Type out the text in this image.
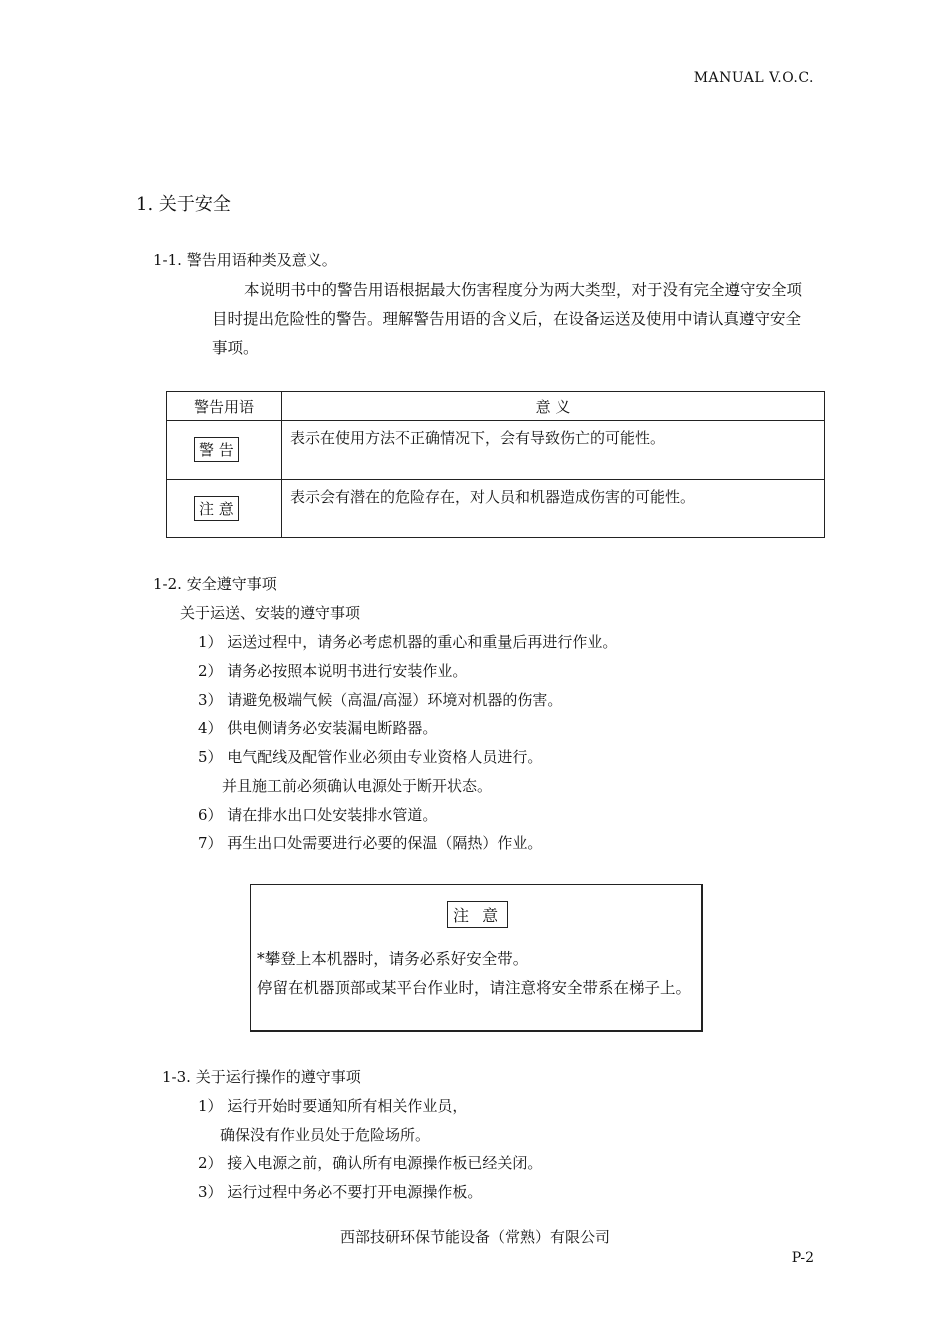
MANUAL V.O.C.
1. 关于安全
1-1. 警告用语种类及意义。
本说明书中的警告用语根据最大伤害程度分为两大类型，对于没有完全遵守安全项目时提出危险性的警告。理解警告用语的含义后，在设备运送及使用中请认真遵守安全事项。
警告用语	意 义
警 告	表示在使用方法不正确情况下，会有导致伤亡的可能性。

注 意	表示会有潜在的危险存在，对人员和机器造成伤害的可能性。
1-2. 安全遵守事项
关于运送、安装的遵守事项
1） 运送过程中，请务必考虑机器的重心和重量后再进行作业。
2） 请务必按照本说明书进行安装作业。
3） 请避免极端气候（高温/高湿）环境对机器的伤害。
4） 供电侧请务必安装漏电断路器。
5） 电气配线及配管作业必须由专业资格人员进行。
并且施工前必须确认电源处于断开状态。
6） 请在排水出口处安装排水管道。
7） 再生出口处需要进行必要的保温（隔热）作业。
注 意
*攀登上本机器时，请务必系好安全带。
停留在机器顶部或某平台作业时，请注意将安全带系在梯子上。
1-3. 关于运行操作的遵守事项
1） 运行开始时要通知所有相关作业员，
确保没有作业员处于危险场所。
2） 接入电源之前，确认所有电源操作板已经关闭。
3） 运行过程中务必不要打开电源操作板。
西部技研环保节能设备（常熟）有限公司
P-2
